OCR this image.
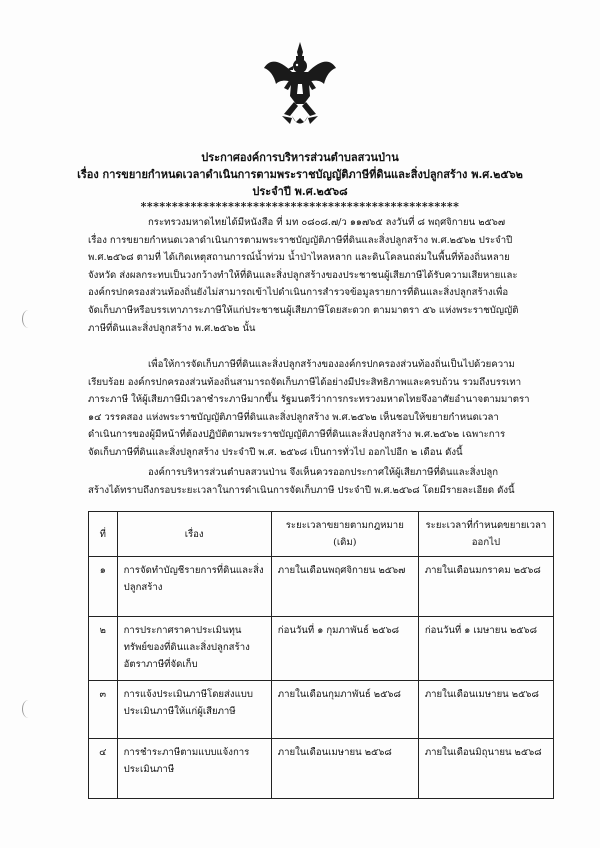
ประกาศองค์การบริหารส่วนตำบลสวนป่าน
เรื่อง การขยายกำหนดเวลาดำเนินการตามพระราชบัญญัติภาษีที่ดินและสิ่งปลูกสร้าง พ.ศ.๒๕๖๒
ประจำปี พ.ศ.๒๕๖๘
***************************************************
กระทรวงมหาดไทยได้มีหนังสือ ที่ มท ๐๘๐๘.๗/ว ๑๑๗๖๕ ลงวันที่ ๘ พฤศจิกายน ๒๕๖๗
เรื่อง การขยายกำหนดเวลาดำเนินการตามพระราชบัญญัติภาษีที่ดินและสิ่งปลูกสร้าง พ.ศ.๒๕๖๒ ประจำปี
พ.ศ.๒๕๖๘ ตามที่ ได้เกิดเหตุสถานการณ์น้ำท่วม น้ำป่าไหลหลาก และดินโคลนถล่มในพื้นที่ท้องถิ่นหลาย
จังหวัด ส่งผลกระทบเป็นวงกว้างทำให้ที่ดินและสิ่งปลูกสร้างของประชาชนผู้เสียภาษีได้รับความเสียหายและ
องค์กรปกครองส่วนท้องถิ่นยังไม่สามารถเข้าไปดำเนินการสำรวจข้อมูลรายการที่ดินและสิ่งปลูกสร้างเพื่อ
จัดเก็บภาษีหรือบรรเทาภาระภาษีให้แก่ประชาชนผู้เสียภาษีโดยสะดวก ตามมาตรา ๕๖ แห่งพระราชบัญญัติ
ภาษีที่ดินและสิ่งปลูกสร้าง พ.ศ.๒๕๖๒ นั้น
เพื่อให้การจัดเก็บภาษีที่ดินและสิ่งปลูกสร้างขององค์กรปกครองส่วนท้องถิ่นเป็นไปด้วยความ
เรียบร้อย องค์กรปกครองส่วนท้องถิ่นสามารถจัดเก็บภาษีได้อย่างมีประสิทธิภาพและครบถ้วน รวมถึงบรรเทา
ภาระภาษี ให้ผู้เสียภาษีมีเวลาชำระภาษีมากขึ้น รัฐมนตรีว่าการกระทรวงมหาดไทยจึงอาศัยอำนาจตามมาตรา
๑๔ วรรคสอง แห่งพระราชบัญญัติภาษีที่ดินและสิ่งปลูกสร้าง พ.ศ.๒๕๖๒ เห็นชอบให้ขยายกำหนดเวลา
ดำเนินการของผู้มีหน้าที่ต้องปฏิบัติตามพระราชบัญญัติภาษีที่ดินและสิ่งปลูกสร้าง พ.ศ.๒๕๖๒ เฉพาะการ
จัดเก็บภาษีที่ดินและสิ่งปลูกสร้าง ประจำปี พ.ศ. ๒๕๖๘ เป็นการทั่วไป ออกไปอีก ๒ เดือน ดังนี้
องค์การบริหารส่วนตำบลสวนป่าน จึงเห็นควรออกประกาศให้ผู้เสียภาษีที่ดินและสิ่งปลูก
สร้างได้ทราบถึงกรอบระยะเวลาในการดำเนินการจัดเก็บภาษี ประจำปี พ.ศ.๒๕๖๘ โดยมีรายละเอียด ดังนี้
ที่	เรื่อง	ระยะเวลาขยายตามกฎหมาย (เดิม)	ระยะเวลาที่กำหนดขยายเวลาออกไป
๑	การจัดทำบัญชีรายการที่ดินและสิ่งปลูกสร้าง	ภายในเดือนพฤศจิกายน ๒๕๖๗	ภายในเดือนมกราคม ๒๕๖๘
๒	การประกาศราคาประเมินทุนทรัพย์ของที่ดินและสิ่งปลูกสร้าง อัตราภาษีที่จัดเก็บ	ก่อนวันที่ ๑ กุมภาพันธ์ ๒๕๖๘	ก่อนวันที่ ๑ เมษายน ๒๕๖๘
๓	การแจ้งประเมินภาษีโดยส่งแบบประเมินภาษีให้แก่ผู้เสียภาษี	ภายในเดือนกุมภาพันธ์ ๒๕๖๘	ภายในเดือนเมษายน ๒๕๖๘
๔	การชำระภาษีตามแบบแจ้งการประเมินภาษี	ภายในเดือนเมษายน ๒๕๖๘	ภายในเดือนมิถุนายน ๒๕๖๘
